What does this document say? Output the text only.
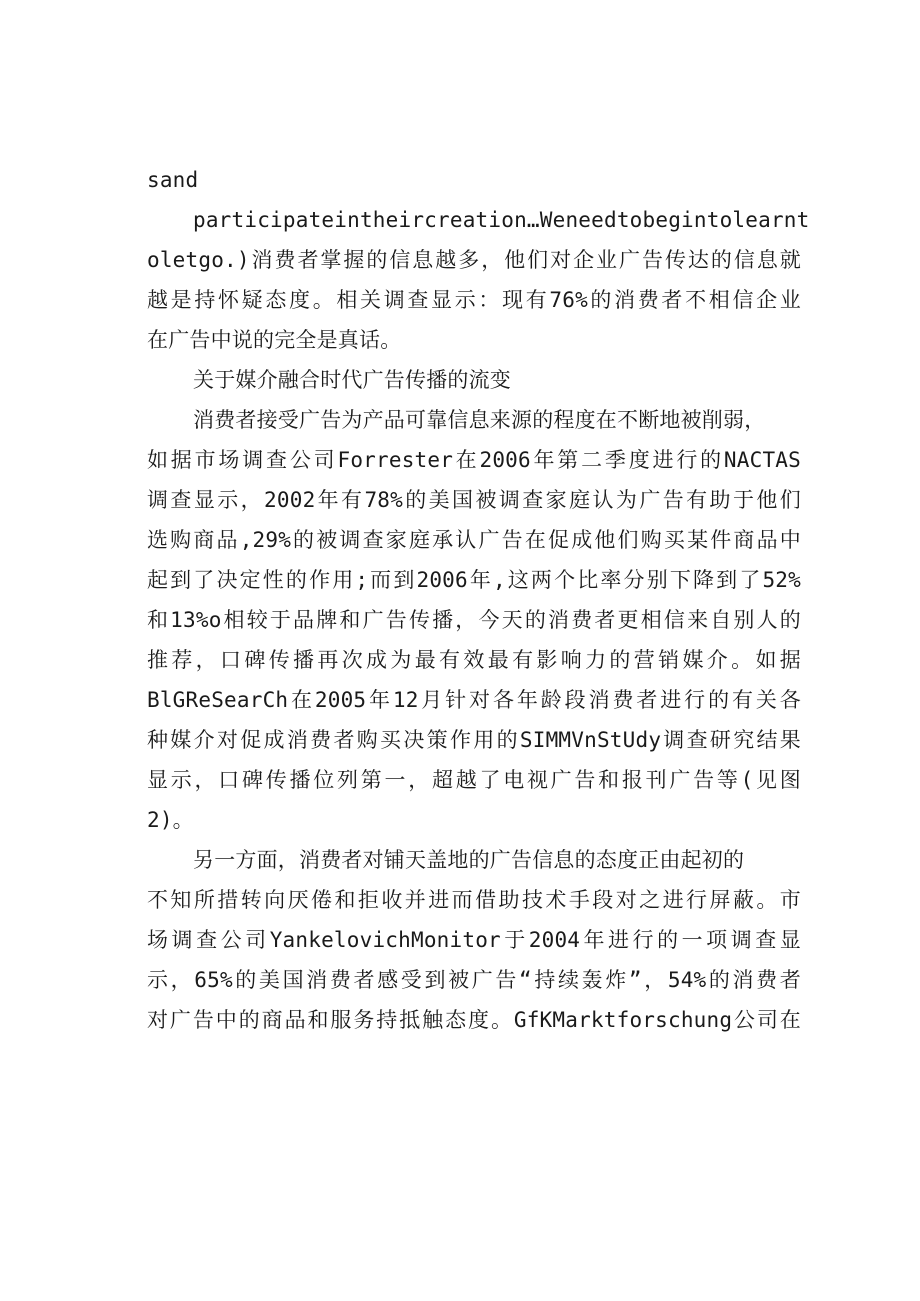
sand
participateintheircreation…Weneedtobegintolearnt
oletgo.)消费者掌握的信息越多，他们对企业广告传达的信息就
越是持怀疑态度。相关调查显示：现有76%的消费者不相信企业
在广告中说的完全是真话。
关于媒介融合时代广告传播的流变
消费者接受广告为产品可靠信息来源的程度在不断地被削弱，
如据市场调查公司Forrester在2006年第二季度进行的NACTAS
调查显示，2002年有78%的美国被调查家庭认为广告有助于他们
选购商品,29%的被调查家庭承认广告在促成他们购买某件商品中
起到了决定性的作用;而到2006年,这两个比率分别下降到了52%
和13%o相较于品牌和广告传播，今天的消费者更相信来自别人的
推荐，口碑传播再次成为最有效最有影响力的营销媒介。如据
BlGReSearCh在2005年12月针对各年龄段消费者进行的有关各
种媒介对促成消费者购买决策作用的SIMMVnStUdy调查研究结果
显示，口碑传播位列第一，超越了电视广告和报刊广告等(见图
2)。
另一方面，消费者对铺天盖地的广告信息的态度正由起初的
不知所措转向厌倦和拒收并进而借助技术手段对之进行屏蔽。市
场调查公司YankelovichMonitor于2004年进行的一项调查显
示，65%的美国消费者感受到被广告“持续轰炸”，54%的消费者
对广告中的商品和服务持抵触态度。GfKMarktforschung公司在
